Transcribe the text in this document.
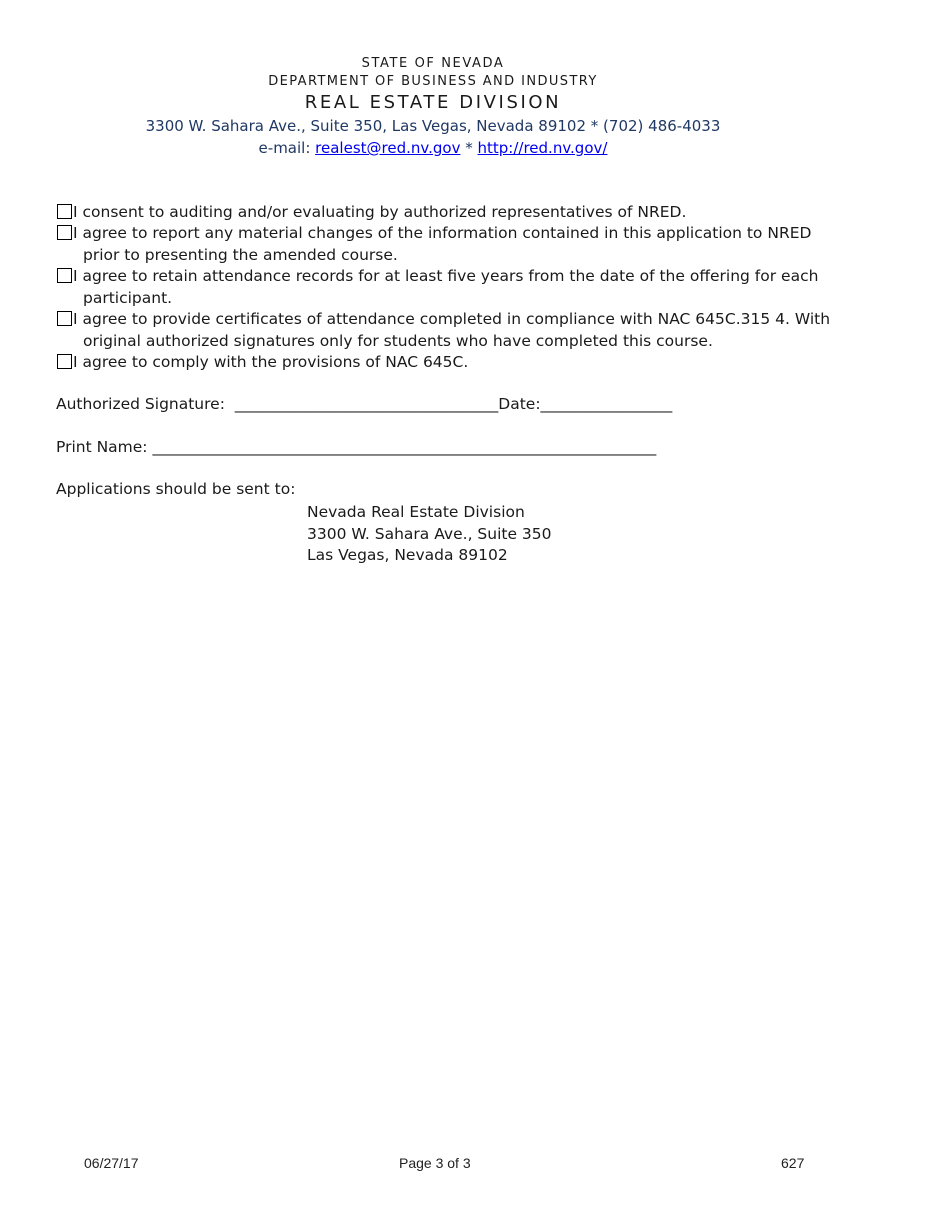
STATE OF NEVADA
DEPARTMENT OF BUSINESS AND INDUSTRY
REAL ESTATE DIVISION
3300 W. Sahara Ave., Suite 350, Las Vegas, Nevada 89102 * (702) 486-4033
e-mail: realest@red.nv.gov * http://red.nv.gov/
I consent to auditing and/or evaluating by authorized representatives of NRED.
I agree to report any material changes of the information contained in this application to NRED
prior to presenting the amended course.
I agree to retain attendance records for at least five years from the date of the offering for each
participant.
I agree to provide certificates of attendance completed in compliance with NAC 645C.315 4. With
original authorized signatures only for students who have completed this course.
I agree to comply with the provisions of NAC 645C.
Authorized Signature:  __________________________________Date:_________________
Print Name: _________________________________________________________________
Applications should be sent to:
Nevada Real Estate Division
3300 W. Sahara Ave., Suite 350
Las Vegas, Nevada 89102
06/27/17	Page 3 of 3	627
